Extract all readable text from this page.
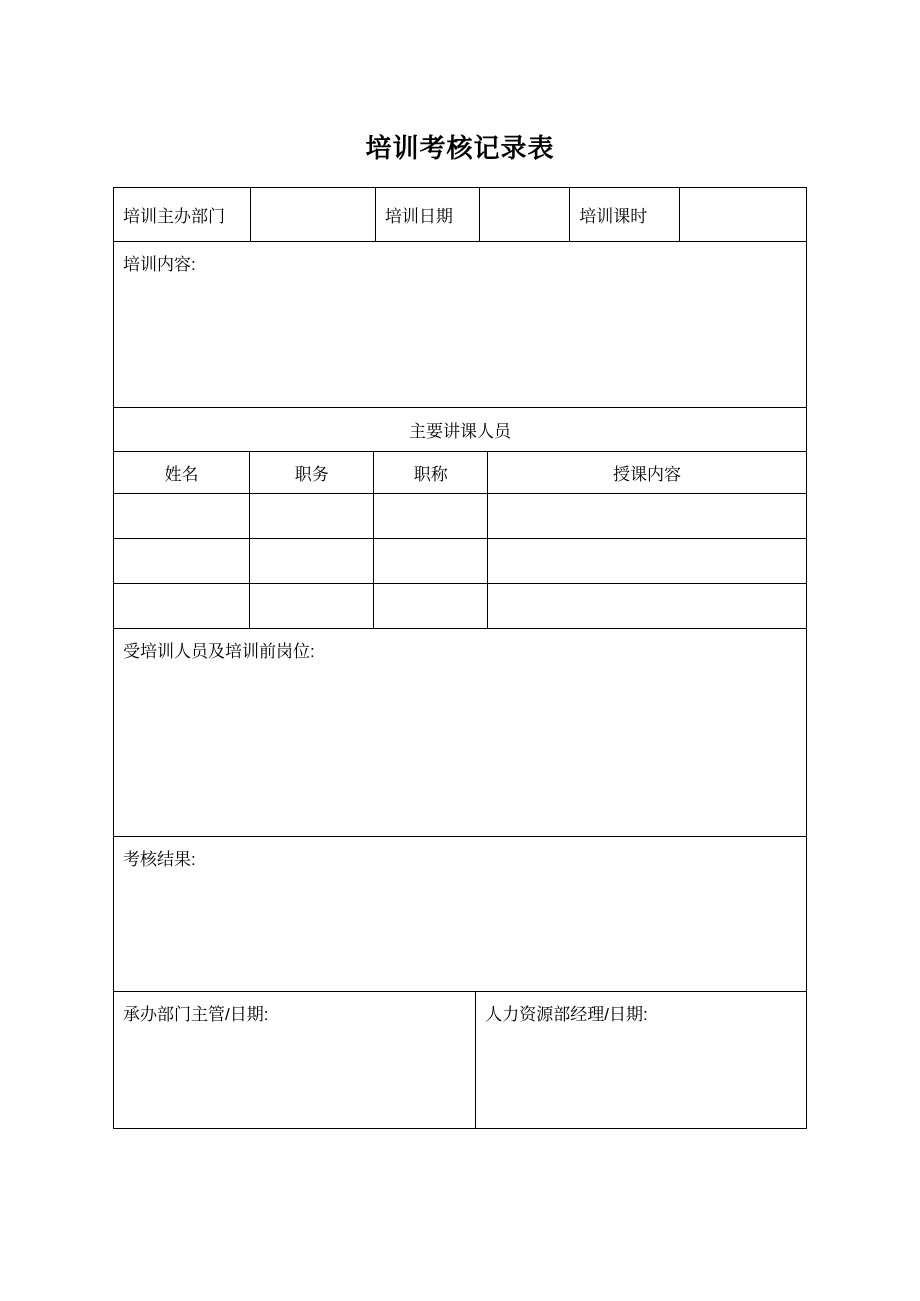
培训考核记录表
培训主办部门	培训日期	培训课时
培训内容:
主要讲课人员
姓名	职务	职称	授课内容
受培训人员及培训前岗位:
考核结果:
承办部门主管/日期:	人力资源部经理/日期:
